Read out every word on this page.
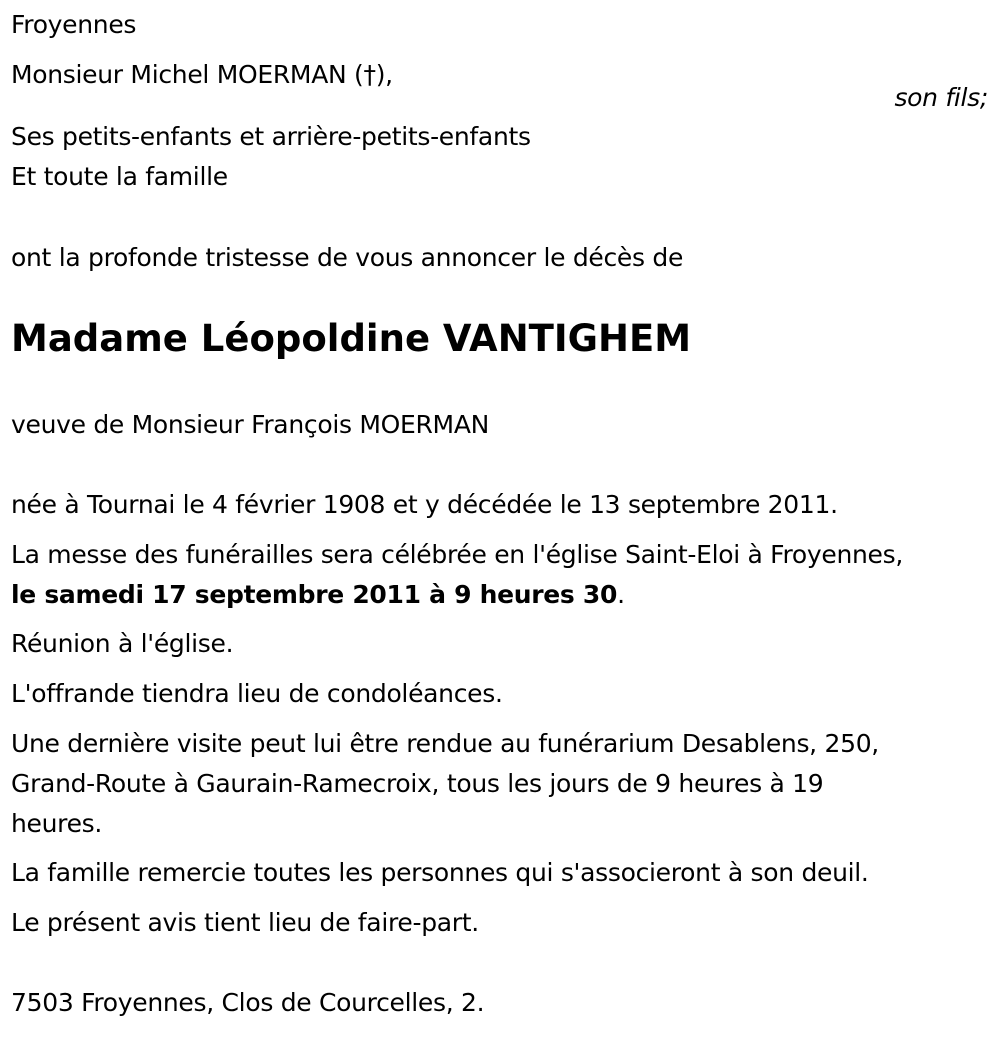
Froyennes
Monsieur Michel MOERMAN (†),
son fils;
Ses petits-enfants et arrière-petits-enfants
Et toute la famille
ont la profonde tristesse de vous annoncer le décès de
Madame Léopoldine VANTIGHEM
veuve de Monsieur François MOERMAN
née à Tournai le 4 février 1908 et y décédée le 13 septembre 2011.
La messe des funérailles sera célébrée en l'église Saint-Eloi à Froyennes,
le samedi 17 septembre 2011 à 9 heures 30.
Réunion à l'église.
L'offrande tiendra lieu de condoléances.
Une dernière visite peut lui être rendue au funérarium Desablens, 250,
Grand-Route à Gaurain-Ramecroix, tous les jours de 9 heures à 19
heures.
La famille remercie toutes les personnes qui s'associeront à son deuil.
Le présent avis tient lieu de faire-part.
7503 Froyennes, Clos de Courcelles, 2.
